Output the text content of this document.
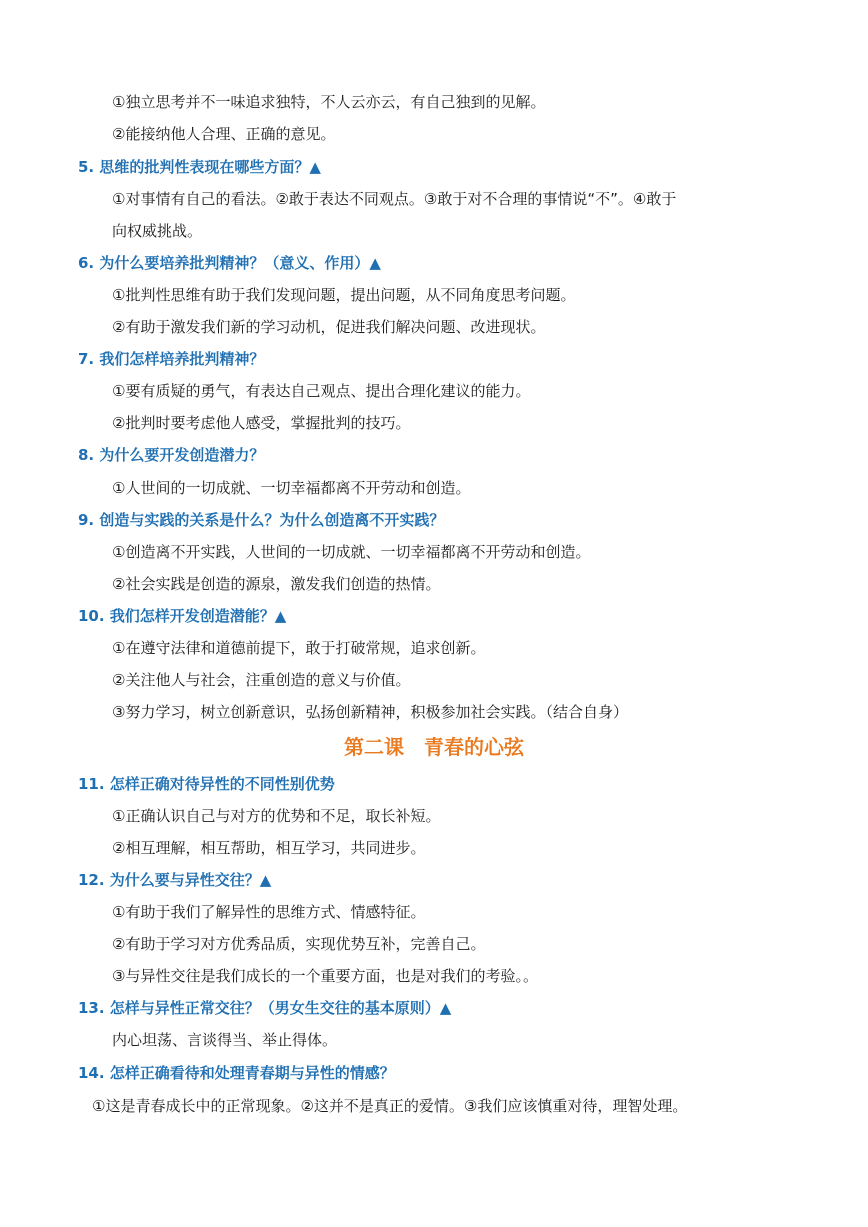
①独立思考并不一味追求独特，不人云亦云，有自己独到的见解。
②能接纳他人合理、正确的意见。
5. 思维的批判性表现在哪些方面？▲
①对事情有自己的看法。②敢于表达不同观点。③敢于对不合理的事情说“不”。④敢于
向权威挑战。
6. 为什么要培养批判精神？（意义、作用）▲
①批判性思维有助于我们发现问题，提出问题，从不同角度思考问题。
②有助于激发我们新的学习动机，促进我们解决问题、改进现状。
7. 我们怎样培养批判精神？
①要有质疑的勇气，有表达自己观点、提出合理化建议的能力。
②批判时要考虑他人感受，掌握批判的技巧。
8. 为什么要开发创造潜力？
①人世间的一切成就、一切幸福都离不开劳动和创造。
9. 创造与实践的关系是什么？为什么创造离不开实践？
①创造离不开实践，人世间的一切成就、一切幸福都离不开劳动和创造。
②社会实践是创造的源泉，激发我们创造的热情。
10. 我们怎样开发创造潜能？▲
①在遵守法律和道德前提下，敢于打破常规，追求创新。
②关注他人与社会，注重创造的意义与价值。
③努力学习，树立创新意识，弘扬创新精神，积极参加社会实践。（结合自身）
第二课　青春的心弦
11. 怎样正确对待异性的不同性别优势
①正确认识自己与对方的优势和不足，取长补短。
②相互理解，相互帮助，相互学习，共同进步。
12. 为什么要与异性交往？▲
①有助于我们了解异性的思维方式、情感特征。
②有助于学习对方优秀品质，实现优势互补，完善自己。
③与异性交往是我们成长的一个重要方面，也是对我们的考验。。
13. 怎样与异性正常交往？（男女生交往的基本原则）▲
内心坦荡、言谈得当、举止得体。
14. 怎样正确看待和处理青春期与异性的情感？
①这是青春成长中的正常现象。②这并不是真正的爱情。③我们应该慎重对待，理智处理。
